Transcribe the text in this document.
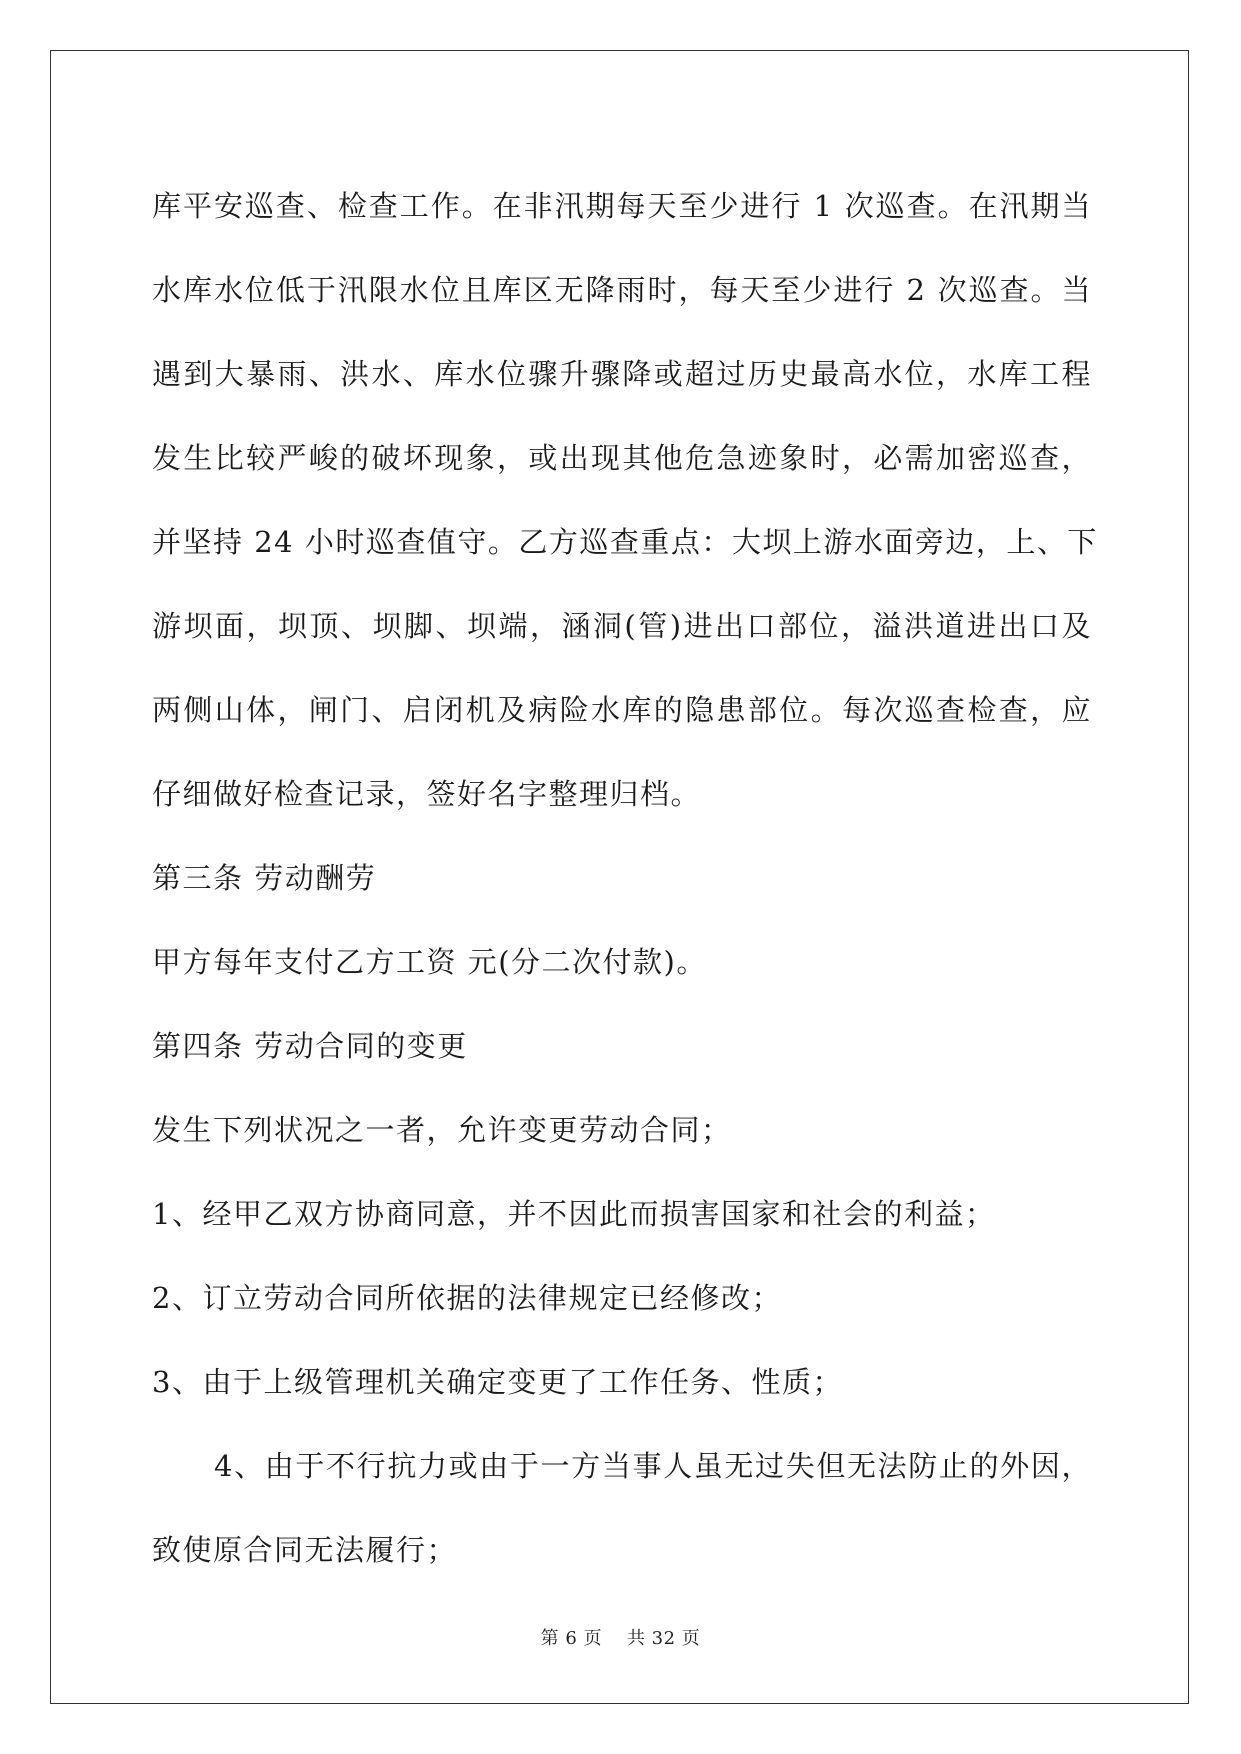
库平安巡查、检查工作。在非汛期每天至少进行 1 次巡查。在汛期当
水库水位低于汛限水位且库区无降雨时，每天至少进行 2 次巡查。当
遇到大暴雨、洪水、库水位骤升骤降或超过历史最高水位，水库工程
发生比较严峻的破坏现象，或出现其他危急迹象时，必需加密巡查，
并坚持 24 小时巡查值守。乙方巡查重点：大坝上游水面旁边，上、下
游坝面，坝顶、坝脚、坝端，涵洞(管)进出口部位，溢洪道进出口及
两侧山体，闸门、启闭机及病险水库的隐患部位。每次巡查检查，应
仔细做好检查记录，签好名字整理归档。

第三条 劳动酬劳

甲方每年支付乙方工资 元(分二次付款)。

第四条 劳动合同的变更

发生下列状况之一者，允许变更劳动合同；

1、经甲乙双方协商同意，并不因此而损害国家和社会的利益；

2、订立劳动合同所依据的法律规定已经修改；

3、由于上级管理机关确定变更了工作任务、性质；

4、由于不行抗力或由于一方当事人虽无过失但无法防止的外因，
致使原合同无法履行；

第 6 页    共 32 页
